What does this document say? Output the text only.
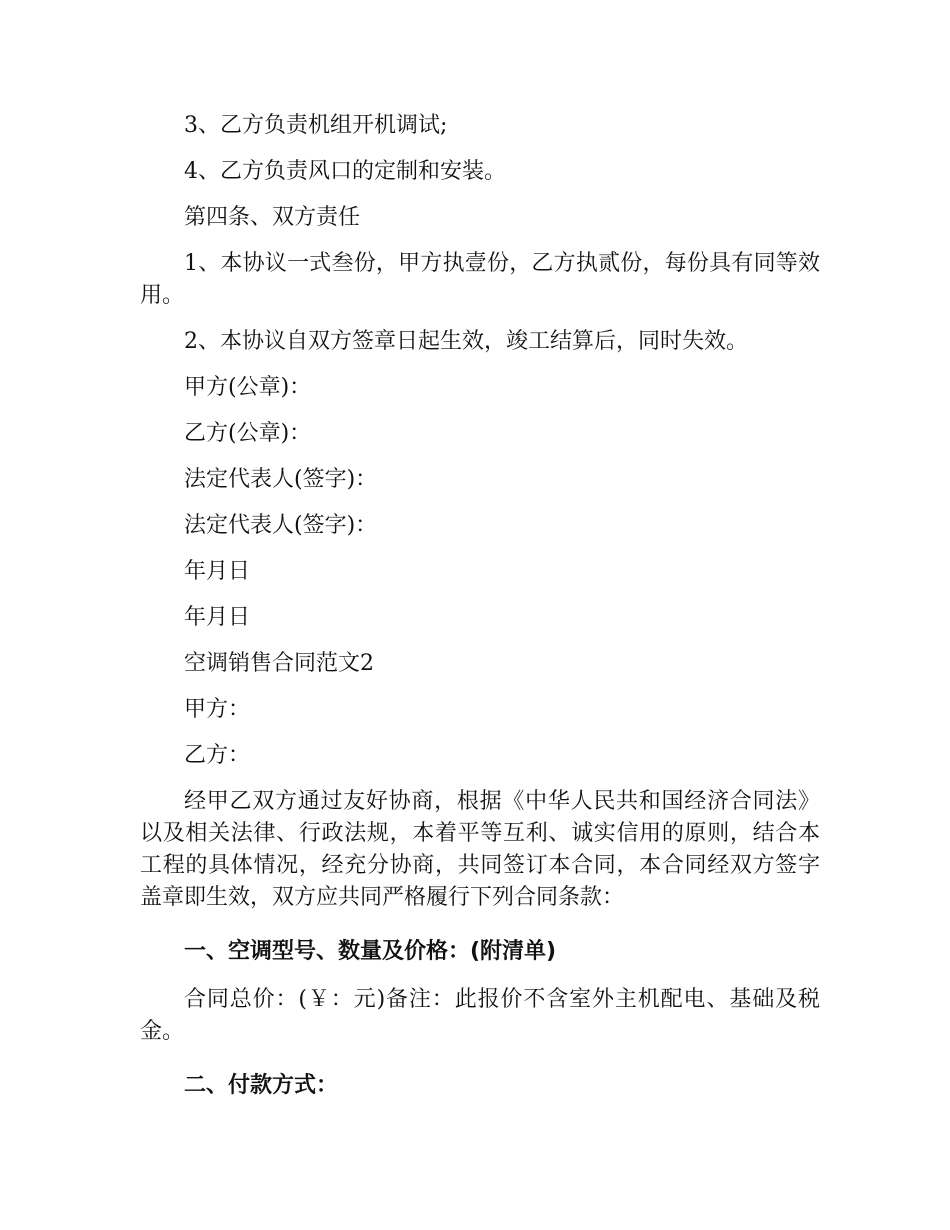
3、乙方负责机组开机调试;

4、乙方负责风口的定制和安装。

第四条、双方责任

1、本协议一式叁份，甲方执壹份，乙方执贰份，每份具有同等效用。

2、本协议自双方签章日起生效，竣工结算后，同时失效。

甲方(公章)：

乙方(公章)：

法定代表人(签字)：

法定代表人(签字)：

年月日

年月日

空调销售合同范文2

甲方：

乙方：

经甲乙双方通过友好协商，根据《中华人民共和国经济合同法》以及相关法律、行政法规，本着平等互利、诚实信用的原则，结合本工程的具体情况，经充分协商，共同签订本合同，本合同经双方签字盖章即生效，双方应共同严格履行下列合同条款：

一、空调型号、数量及价格：(附清单)

合同总价：(￥：元)备注：此报价不含室外主机配电、基础及税金。

二、付款方式：
